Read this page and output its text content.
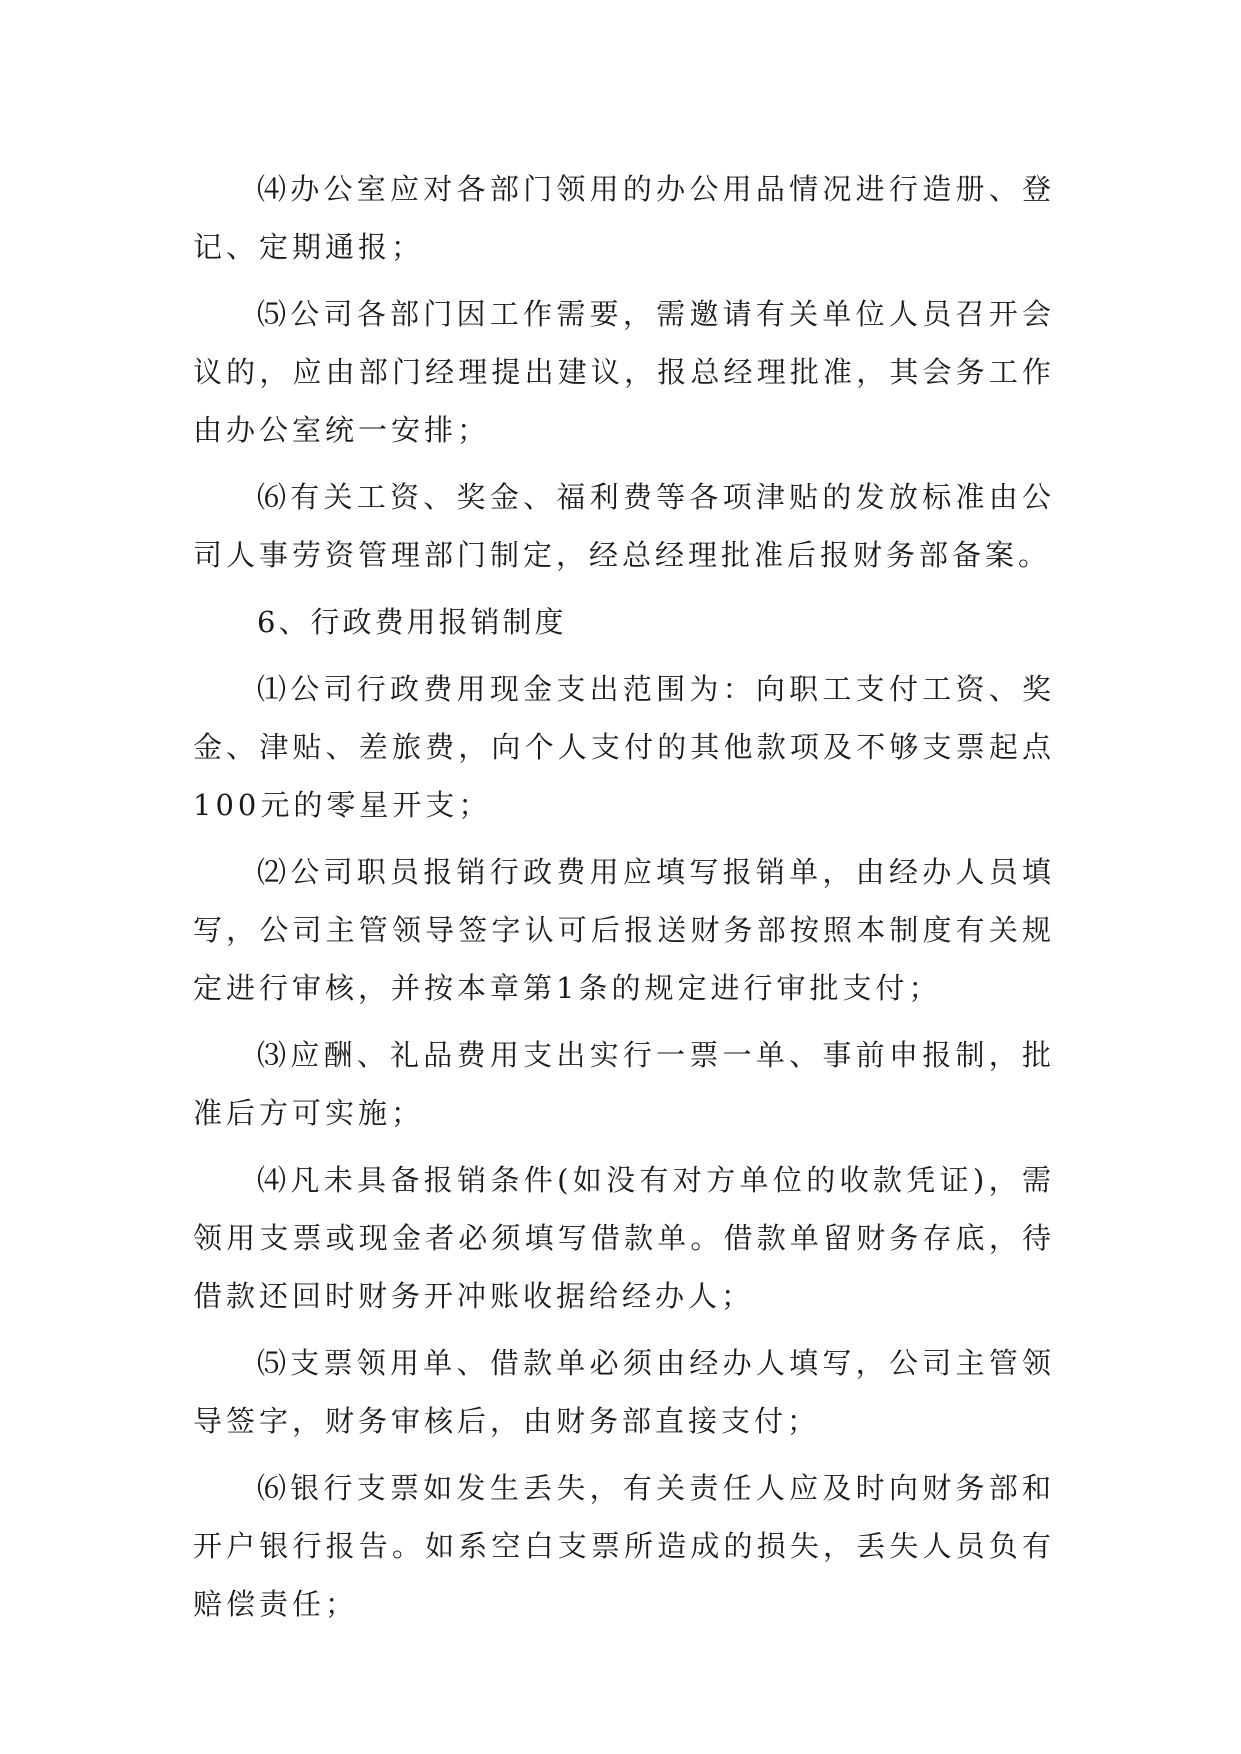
⑷办公室应对各部门领用的办公用品情况进行造册、登记、定期通报；

⑸公司各部门因工作需要，需邀请有关单位人员召开会议的，应由部门经理提出建议，报总经理批准，其会务工作由办公室统一安排；

⑹有关工资、奖金、福利费等各项津贴的发放标准由公司人事劳资管理部门制定，经总经理批准后报财务部备案。

6、行政费用报销制度

⑴公司行政费用现金支出范围为：向职工支付工资、奖金、津贴、差旅费，向个人支付的其他款项及不够支票起点100元的零星开支；

⑵公司职员报销行政费用应填写报销单，由经办人员填写，公司主管领导签字认可后报送财务部按照本制度有关规定进行审核，并按本章第1条的规定进行审批支付；

⑶应酬、礼品费用支出实行一票一单、事前申报制，批准后方可实施；

⑷凡未具备报销条件(如没有对方单位的收款凭证)，需领用支票或现金者必须填写借款单。借款单留财务存底，待借款还回时财务开冲账收据给经办人；

⑸支票领用单、借款单必须由经办人填写，公司主管领导签字，财务审核后，由财务部直接支付；

⑹银行支票如发生丢失，有关责任人应及时向财务部和开户银行报告。如系空白支票所造成的损失，丢失人员负有赔偿责任；
